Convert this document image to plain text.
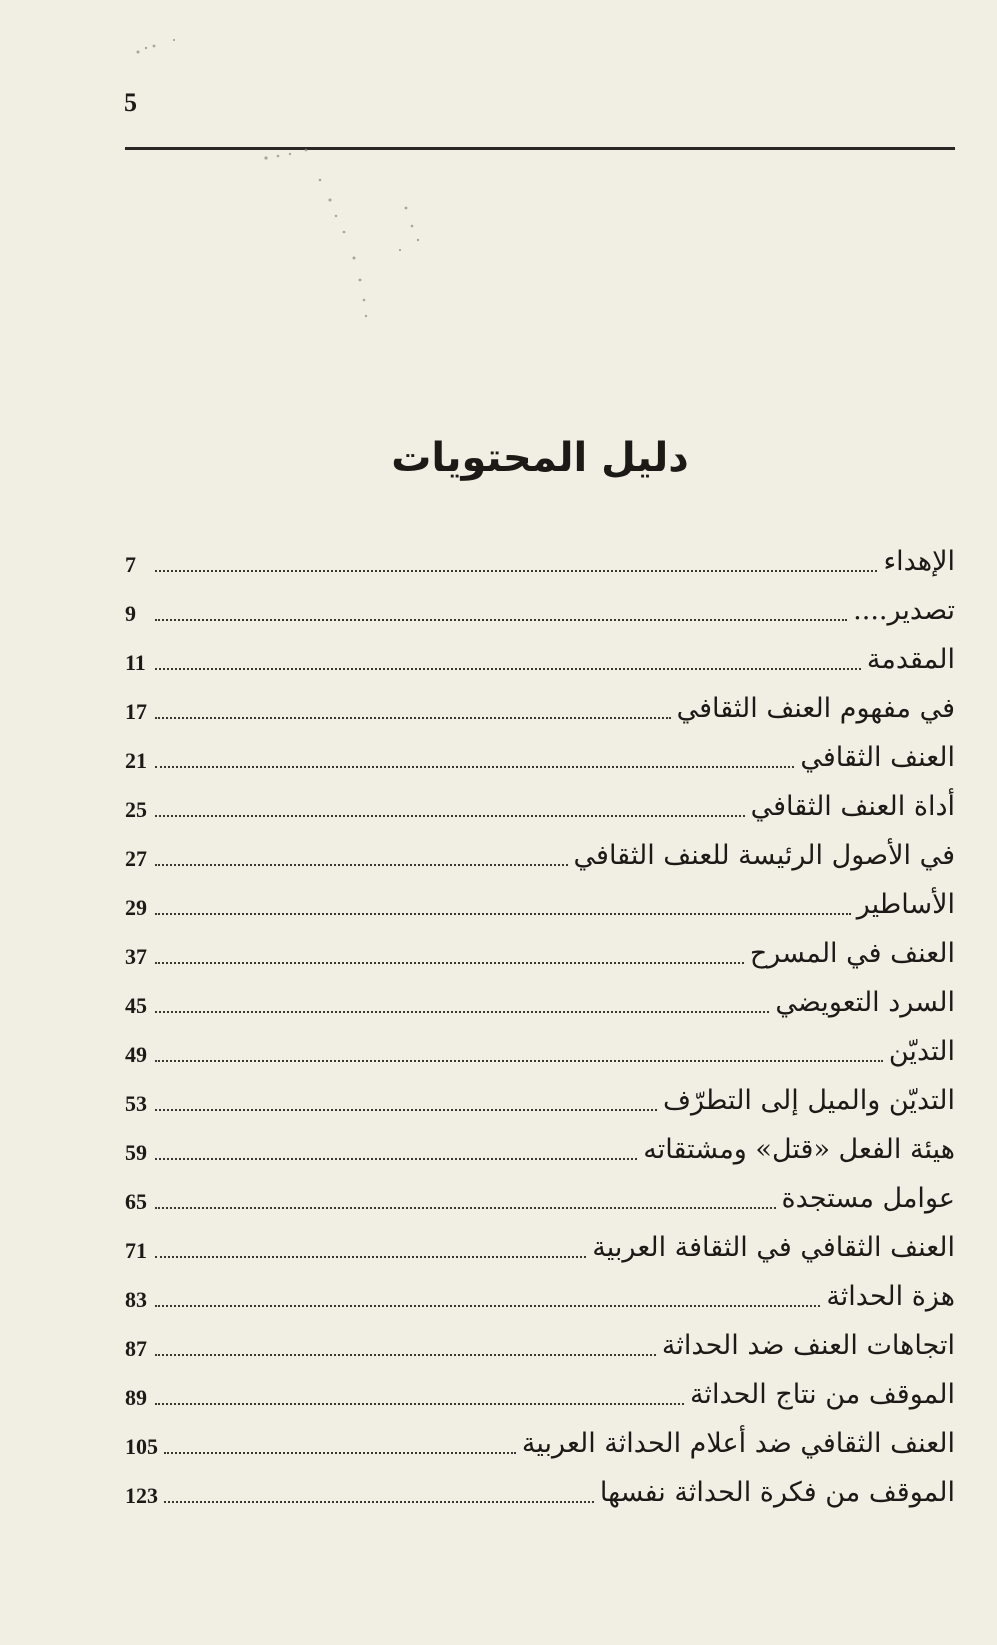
5
دليل المحتويات
الإهداء
7
تصدير....
9
المقدمة
11
في مفهوم العنف الثقافي
17
العنف الثقافي
21
أداة العنف الثقافي
25
في الأصول الرئيسة للعنف الثقافي
27
الأساطير
29
العنف في المسرح
37
السرد التعويضي
45
التديّن
49
التديّن والميل إلى التطرّف
53
هيئة الفعل «قتل» ومشتقاته
59
عوامل مستجدة
65
العنف الثقافي في الثقافة العربية
71
هزة الحداثة
83
اتجاهات العنف ضد الحداثة
87
الموقف من نتاج الحداثة
89
العنف الثقافي ضد أعلام الحداثة العربية
105
الموقف من فكرة الحداثة نفسها
123
